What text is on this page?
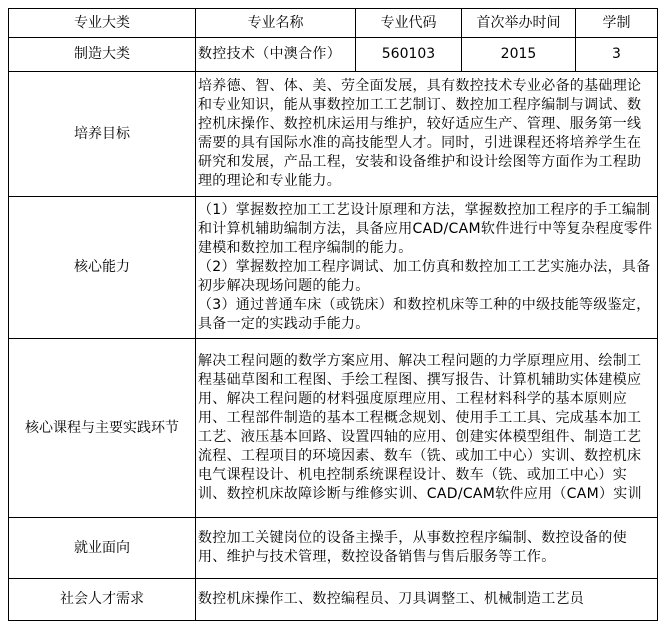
专业大类	专业名称	专业代码	首次举办时间	学制
制造大类	数控技术（中澳合作）	560103	2015	3
培养目标	培养德、智、体、美、劳全面发展，具有数控技术专业必备的基础理论和专业知识，能从事数控加工工艺制订、数控加工程序编制与调试、数控机床操作、数控机床运用与维护，较好适应生产、管理、服务第一线需要的具有国际水准的高技能型人才。同时，引进课程还将培养学生在研究和发展，产品工程，安装和设备维护和设计绘图等方面作为工程助理的理论和专业能力。			
核心能力	（1）掌握数控加工工艺设计原理和方法，掌握数控加工程序的手工编制和计算机辅助编制方法，具备应用CAD/CAM软件进行中等复杂程度零件建模和数控加工程序编制的能力。
（2）掌握数控加工程序调试、加工仿真和数控加工工艺实施办法，具备初步解决现场问题的能力。
（3）通过普通车床（或铣床）和数控机床等工种的中级技能等级鉴定，具备一定的实践动手能力。			

核心课程与主要实践环节	解决工程问题的数学方案应用、解决工程问题的力学原理应用、绘制工程基础草图和工程图、手绘工程图、撰写报告、计算机辅助实体建模应用、解决工程问题的材料强度原理应用、工程材料科学的基本原则应用、工程部件制造的基本工程概念规划、使用手工工具、完成基本加工工艺、液压基本回路、设置四轴的应用、创建实体模型组件、制造工艺流程、工程项目的环境因素、数车（铣、或加工中心）实训、数控机床电气课程设计、机电控制系统课程设计、数车（铣、或加工中心）实训、数控机床故障诊断与维修实训、CAD/CAM软件应用（CAM）实训			
就业面向	数控加工关键岗位的设备主操手，从事数控程序编制、数控设备的使用、维护与技术管理，数控设备销售与售后服务等工作。			
社会人才需求	数控机床操作工、数控编程员、刀具调整工、机械制造工艺员			
